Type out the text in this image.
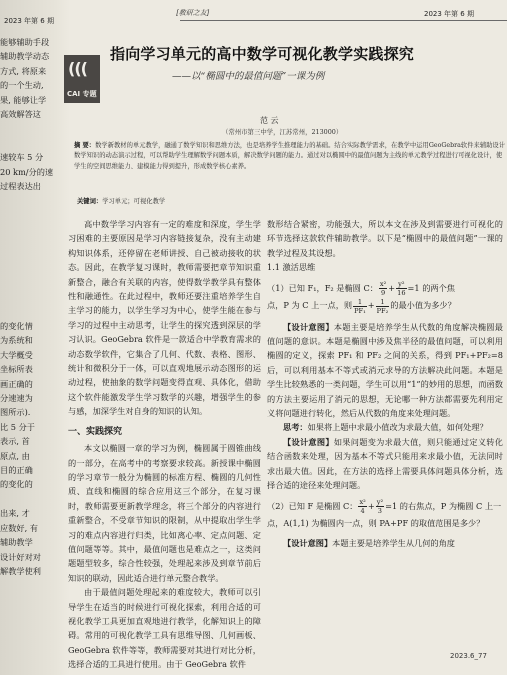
2023 年第 6 期
[教研之友]	2023 年第 6 期
能够辅助手段
辅助教学动态
方式, 将原来
的一个生动,
果, 能够让学
高效解答这

速较车 5 分
20 km/分的速
过程表达出

的变化情
为系统和
大学概受
坐标所表
画正确的
分速速为
图所示).
比 5 分于
表示, 首
原点, 由
目的正确
的变化的

出来, 才
应数好, 有
辅助教学
设计好对对
解教学使利
(((
CAI 专题
指向学习单元的高中数学可视化教学实践探究
——以“椭圆中的最值问题”一课为例
范 云
（常州市第三中学，江苏常州，213000）
摘 要：数学新教材的单元教学，融通了数学知识和思维方法，也是培养学生推理能力的基础。结合实际教学需求，在教学中运用GeoGebra软件来辅助设计数学知识的动态演示过程，可以帮助学生理解数学问题本质，解决数学问题的能力。通过对以椭圆中的最值问题为主线的单元教学过程进行可视化设计，使学生的空间思维能力、建模能力得到提升，形成数学核心素养。
关键词：学习单元；可视化教学

高中数学学习内容有一定的难度和深度，学生学习困难的主要原因是学习内容链接复杂，没有主动建构知识体系，还停留在老师讲授、自己被动接收的状态。因此，在教学复习课时，教师需要把章节知识重新整合，融合有关联的内容，使得数学教学具有整体性和融通性。在此过程中，教师还要注重培养学生自主学习的能力，以学生学习为中心，使学生能在参与学习的过程中主动思考，让学生的探究透到深层的学习认识。GeoGebra 软件是一款适合中学教育需求的动态数学软件，它集合了几何、代数、表格、图形、统计和微积分于一体，可以直观地展示动态图形的运动过程，使抽象的数学问题变得直观、具体化，借助这个软件能激发学生学习数学的兴趣，增强学生的参与感，加深学生对自身的知识的认知。

一、实践探究

本文以椭圆一章的学习为例，椭圆属于圆锥曲线的一部分，在高考中的考察要求较高。新授课中椭圆的学习章节一般分为椭圆的标准方程、椭圆的几何性质、直线和椭圆的综合应用这三个部分，在复习课时，教师需要更新教学理念，将三个部分的内容进行重新整合，不受章节知识的限制，从中提取出学生学习的难点内容进行归类，比如离心率、定点问题、定值问题等等。其中，最值问题也是难点之一，这类问题题型较多，综合性较强，处理起来涉及到章节前后知识的联动，因此适合进行单元整合教学。

由于最值问题处理起来的难度较大，教师可以引导学生在适当的时候进行可视化探索，利用合适的可视化教学工具更加直观地进行教学，化解知识上的障碍。常用的可视化教学工具有思维导图、几何画板、GeoGebra 软件等等，教师需要对其进行对比分析，选择合适的工具进行使用。由于 GeoGebra 软件

数形结合紧密，功能强大，所以本文在涉及到需要进行可视化的环节选择这款软件辅助教学。以下是“椭圆中的最值问题”一课的教学过程及其设想。

1.1 激活思维

（1）已知 F₁，F₂ 是椭圆 C： $\frac{\text{x²}}{9} + \frac{\text{y²}}{16} =1$ 的两个焦
点，P 为 C 上一点，则 $\frac{1}{\text{PF₁}} + \frac{1}{\text{PF₂}}$ 的最小值为多少？

【设计意图】本题主要是培养学生从代数的角度解决椭圆最值问题的意识。本题是椭圆中涉及焦半径的最值问题，可以利用椭圆的定义，探索 PF₁ 和 PF₂ 之间的关系，得到 PF₁+PF₂=8 后，可以利用基本不等式或消元求导的方法解决此问题。本题是学生比较熟悉的一类问题，学生可以用“1”的妙用的思想，而函数的方法主要运用了消元的思想，无论哪一种方法都需要先利用定义将问题进行转化，然后从代数的角度来处理问题。

思考：如果将上题中求最小值改为求最大值，如何处理？

【设计意图】如果问题变为求最大值，则只能通过定义转化结合函数来处理，因为基本不等式只能用来求最小值，无法同时求出最大值。因此，在方法的选择上需要具体问题具体分析，选择合适的途径来处理问题。

（2）已知 F 是椭圆 C： $\frac{\text{x²}}{4} + \frac{\text{y²}}{3} =1$ 的右焦点，P 为椭圆 C 上一点，A(1,1) 为椭圆内一点，则 PA+PF 的取值范围是多少？

【设计意图】本题主要是培养学生从几何的角度

2023.6_77
